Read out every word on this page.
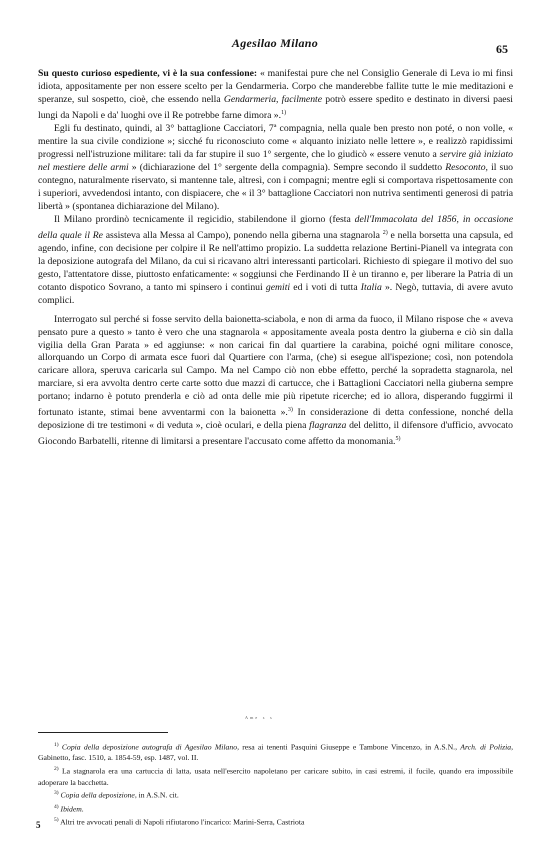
Agesilao Milano	65

Su questo curioso espediente, vi è la sua confessione: « manifestai pure che nel Consiglio Generale di Leva io mi finsi idiota, appositamente per non essere scelto per la Gendarmeria. Corpo che manderebbe fallite tutte le mie meditazioni e speranze, sul sospetto, cioè, che essendo nella Gendarmeria, facilmente potrò essere spedito e destinato in diversi paesi lungi da Napoli e da' luoghi ove il Re potrebbe farne dimora ».$^{1)}$

Egli fu destinato, quindi, al 3° battaglione Cacciatori, 7ª compagnia, nella quale ben presto non poté, o non volle, « mentire la sua civile condizione »; sicché fu riconosciuto come « alquanto iniziato nelle lettere », e realizzò rapidissimi progressi nell'istruzione militare: tali da far stupire il suo 1° sergente, che lo giudicò « essere venuto a servire già iniziato nel mestiere delle armi » (dichiarazione del 1° sergente della compagnia). Sempre secondo il suddetto Resoconto, il suo contegno, naturalmente riservato, si mantenne tale, altresì, con i compagni; mentre egli si comportava rispettosamente con i superiori, avvedendosi intanto, con dispiacere, che « il 3° battaglione Cacciatori non nutriva sentimenti generosi di patria libertà » (spontanea dichiarazione del Milano).

Il Milano prordinò tecnicamente il regicidio, stabilendone il giorno (festa dell'Immacolata del 1856, in occasione della quale il Re assisteva alla Messa al Campo), ponendo nella giberna una stagnarola $^{2)}$ e nella borsetta una capsula, ed agendo, infine, con decisione per colpire il Re nell'attimo propizio. La suddetta relazione Bertini-Pianell va integrata con la deposizione autografa del Milano, da cui si ricavano altri interessanti particolari. Richiesto di spiegare il motivo del suo gesto, l'attentatore disse, piuttosto enfaticamente: « soggiunsi che Ferdinando II è un tiranno e, per liberare la Patria di un cotanto dispotico Sovrano, a tanto mi spinsero i continui gemiti ed i voti di tutta Italia ». Negò, tuttavia, di avere avuto complici.

Interrogato sul perché si fosse servito della baionetta-sciabola, e non di arma da fuoco, il Milano rispose che « aveva pensato pure a questo » tanto è vero che una stagnarola « appositamente aveala posta dentro la giuberna e ciò sin dalla vigilia della Gran Parata » ed aggiunse: « non caricai fin dal quartiere la carabina, poiché ogni militare conosce, allorquando un Corpo di armata esce fuori dal Quartiere con l'arma, (che) si esegue all'ispezione; così, non potendola caricare allora, speruva caricarla sul Campo. Ma nel Campo ciò non ebbe effetto, perché la sopradetta stagnarola, nel marciare, si era avvolta dentro certe carte sotto due mazzi di cartucce, che i Battaglioni Cacciatori nella giuberna sempre portano; indarno è potuto prenderla e ciò ad onta delle mie più ripetute ricerche; ed io allora, disperando fuggirmi il fortunato istante, stimai bene avventarmi con la baionetta ».$^{3)}$ In considerazione di detta confessione, nonché della deposizione di tre testimoni « di veduta », cioè oculari, e della piena flagranza del delitto, il difensore d'ufficio, avvocato Giocondo Barbatelli, ritenne di limitarsi a presentare l'accusato come affetto da monomania.$^{5)}$

ᴬᵐᵉ ˢ ˢ

$^{1)}$ Copia della deposizione autografa di Agesilao Milano, resa ai tenenti Pasquini Giuseppe e Tambone Vincenzo, in A.S.N., Arch. di Polizia, Gabinetto, fasc. 1510, a. 1854-59, esp. 1487, vol. II.

$^{2)}$ La stagnarola era una cartuccia di latta, usata nell'esercito napoletano per caricare subito, in casi estremi, il fucile, quando era impossibile adoperare la bacchetta.

$^{3)}$ Copia della deposizione, in A.S.N. cit.

$^{4)}$ Ibidem.

$^{5)}$ Altri tre avvocati penali di Napoli rifiutarono l'incarico: Marini-Serra, Castriota

5
